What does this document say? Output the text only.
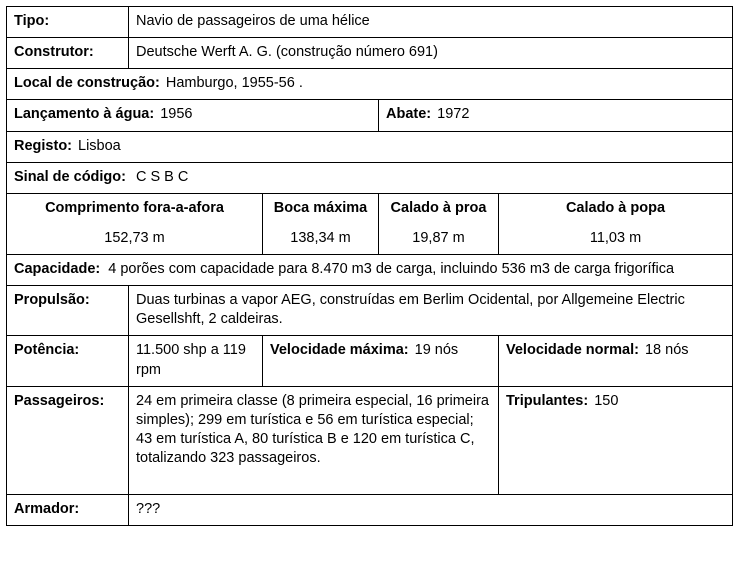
Tipo:	Navio de passageiros de uma hélice			
Construtor:	Deutsche Werft A. G. (construção número 691)			

Local de construção: Hamburgo, 1955-56 .				

Lançamento à água: 1956			Abate: 1972	

Registo: Lisboa				

Sinal de código: C S B C				

Comprimento fora-a-afora		Boca máxima	Calado à proa	Calado à popa
152,73 m		138,34 m	19,87 m	11,03 m

Capacidade: 4 porões com capacidade para 8.470 m3 de carga, incluindo 536 m3 de carga frigorífica				

Propulsão:	Duas turbinas a vapor AEG, construídas em Berlim Ocidental, por Allgemeine Electric Gesellshft, 2 caldeiras.			
Potência:	11.500 shp a 119 rpm	Velocidade máxima: 19 nós		Velocidade normal: 18 nós

Passageiros:	24 em primeira classe (8 primeira especial, 16 primeira simples); 299 em turística e 56 em turística especial; 43 em turística A, 80 turística B e 120 em turística C, totalizando 323 passageiros.			Tripulantes: 150

Armador:	???			
